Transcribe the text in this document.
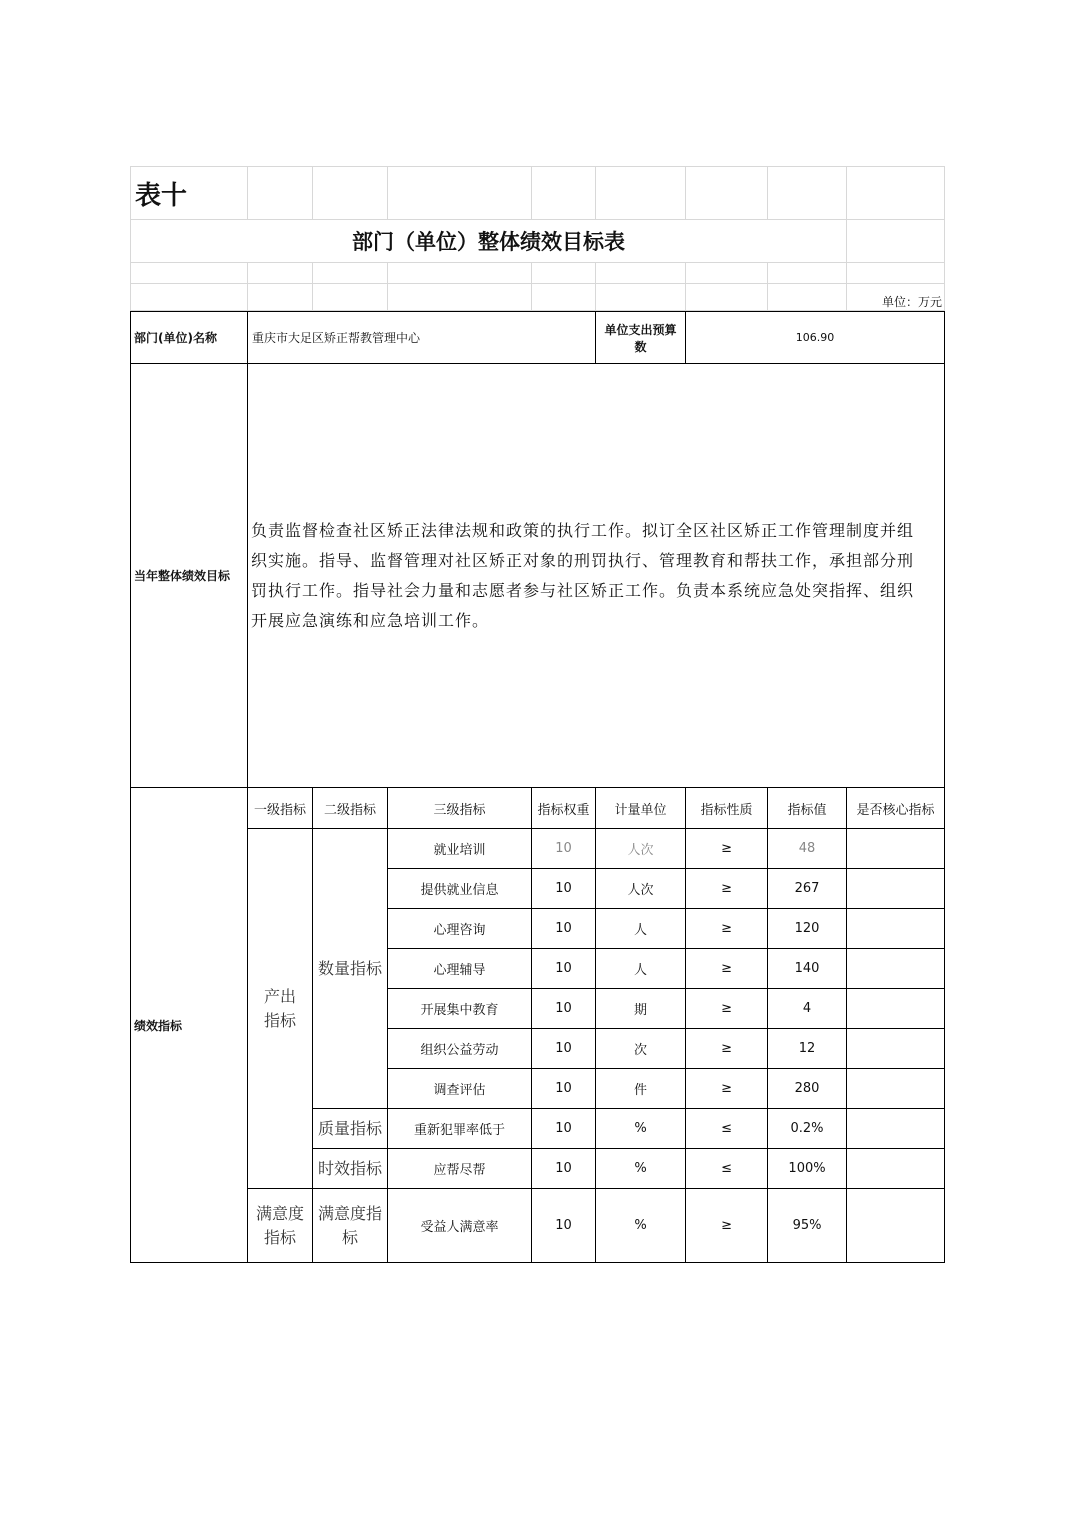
表十								
部门（单位）整体绩效目标表								

								单位：万元
部门(单位)名称	重庆市大足区矫正帮教管理中心				单位支出预算数	106.90		
当年整体绩效目标	负责监督检查社区矫正法律法规和政策的执行工作。拟订全区社区矫正工作管理制度并组织实施。指导、监督管理对社区矫正对象的刑罚执行、管理教育和帮扶工作，承担部分刑罚执行工作。指导社会力量和志愿者参与社区矫正工作。负责本系统应急处突指挥、组织开展应急演练和应急培训工作。							
绩效指标	一级指标	二级指标	三级指标	指标权重	计量单位	指标性质	指标值	是否核心指标
	产出指标	数量指标	就业培训	10	人次	≥	48	
			提供就业信息	10	人次	≥	267	
			心理咨询	10	人	≥	120	
			心理辅导	10	人	≥	140	
			开展集中教育	10	期	≥	4	
			组织公益劳动	10	次	≥	12	
			调查评估	10	件	≥	280	
		质量指标	重新犯罪率低于	10	%	≤	0.2%	
		时效指标	应帮尽帮	10	%	≤	100%	
	满意度指标	满意度指标	受益人满意率	10	%	≥	95%	
